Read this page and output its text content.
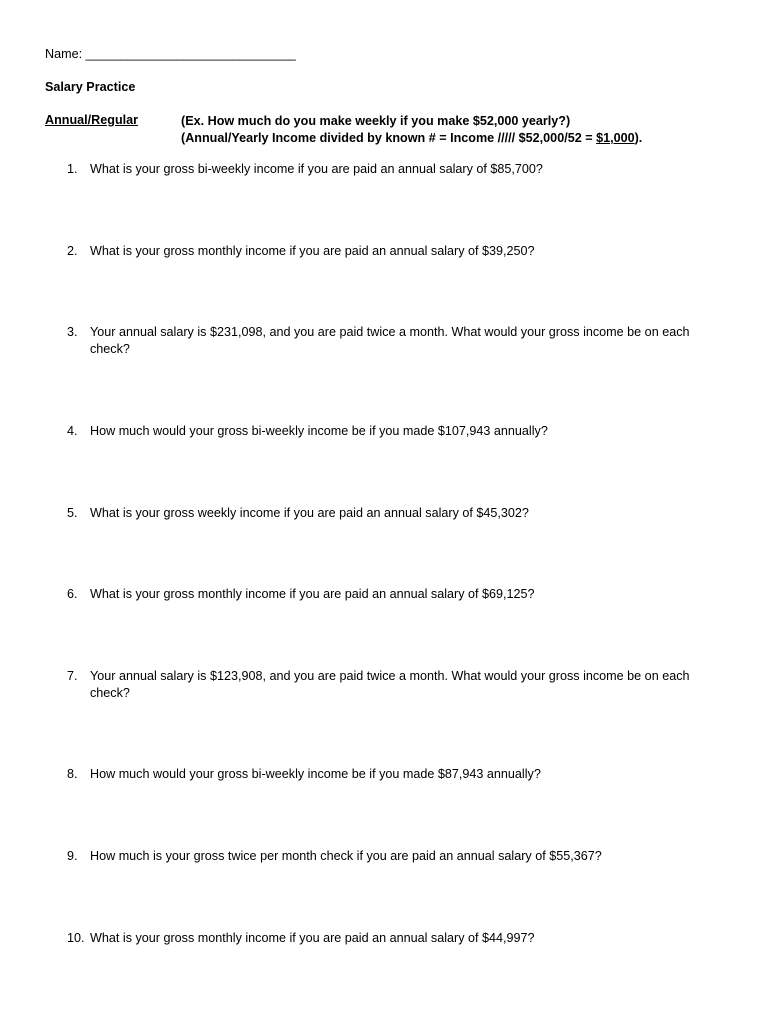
Name: ______________________________
Salary Practice
Annual/Regular	(Ex. How much do you make weekly if you make $52,000 yearly?)
(Annual/Yearly Income divided by known # = Income ///// $52,000/52 = $1,000).
1. What is your gross bi-weekly income if you are paid an annual salary of $85,700?
2. What is your gross monthly income if you are paid an annual salary of $39,250?
3. Your annual salary is $231,098, and you are paid twice a month. What would your gross income be on each check?
4. How much would your gross bi-weekly income be if you made $107,943 annually?
5. What is your gross weekly income if you are paid an annual salary of $45,302?
6. What is your gross monthly income if you are paid an annual salary of $69,125?
7. Your annual salary is $123,908, and you are paid twice a month. What would your gross income be on each check?
8. How much would your gross bi-weekly income be if you made $87,943 annually?
9. How much is your gross twice per month check if you are paid an annual salary of $55,367?
10. What is your gross monthly income if you are paid an annual salary of $44,997?
